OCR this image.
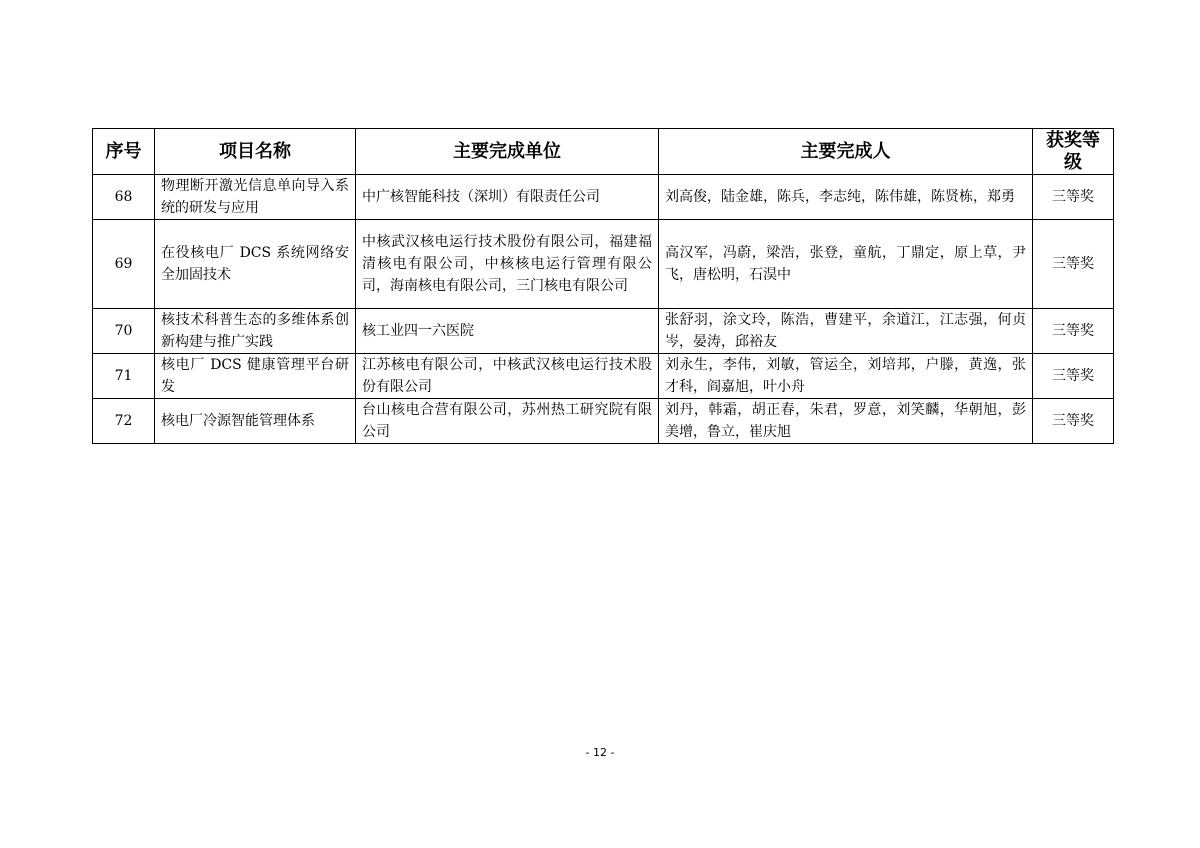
序号	项目名称	主要完成单位	主要完成人	获奖等级
68	物理断开激光信息单向导入系统的研发与应用	中广核智能科技（深圳）有限责任公司	刘高俊，陆金雄，陈兵，李志纯，陈伟雄，陈贤栋，郑勇	三等奖
69	在役核电厂 DCS 系统网络安全加固技术	中核武汉核电运行技术股份有限公司，福建福清核电有限公司，中核核电运行管理有限公司，海南核电有限公司，三门核电有限公司	高汉军，冯蔚，梁浩，张登，童航，丁鼎定，原上草，尹飞，唐松明，石淏中	三等奖
70	核技术科普生态的多维体系创新构建与推广实践	核工业四一六医院	张舒羽，涂文玲，陈浩，曹建平，余道江，江志强，何贞岑，晏涛，邱裕友	三等奖
71	核电厂 DCS 健康管理平台研发	江苏核电有限公司，中核武汉核电运行技术股份有限公司	刘永生，李伟，刘敏，管运全，刘培邦，户滕，黄逸，张才科，阎嘉旭，叶小舟	三等奖
72	核电厂冷源智能管理体系	台山核电合营有限公司，苏州热工研究院有限公司	刘丹，韩霜，胡正春，朱君，罗意，刘笑麟，华朝旭，彭美增，鲁立，崔庆旭	三等奖
- 12 -
